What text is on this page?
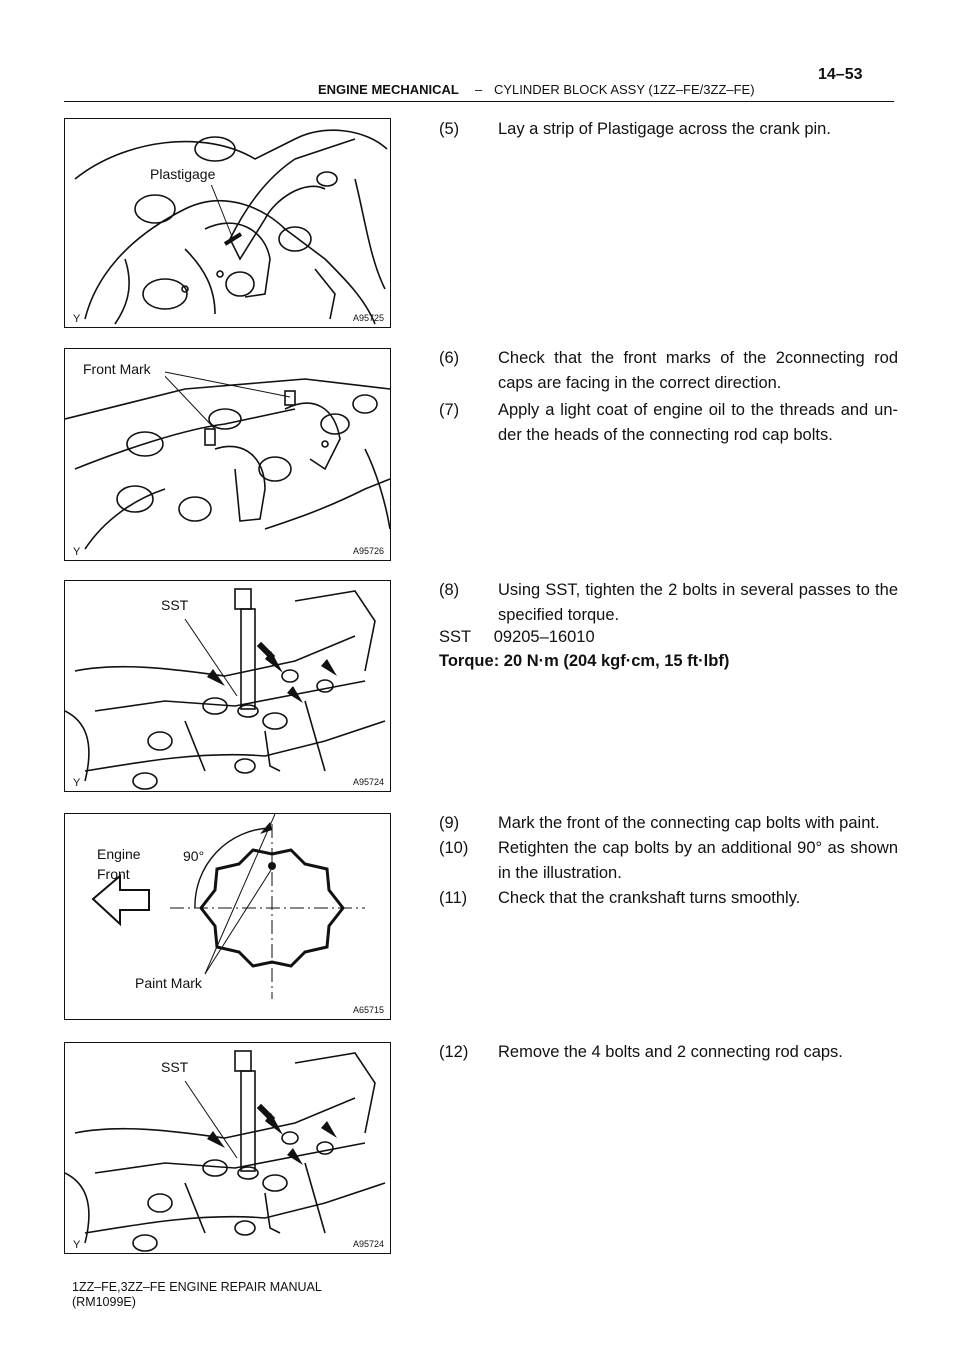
14–53
ENGINE MECHANICAL – CYLINDER BLOCK ASSY (1ZZ–FE/3ZZ–FE)
Plastigage
Y	A95725
Front Mark
Y	A95726
SST
Y	A95724
Engine
Front
90°
Paint Mark
A65715
SST
Y	A95724
(5) Lay a strip of Plastigage across the crank pin.
(6) Check that the front marks of the 2connecting rod caps are facing in the correct direction.
(7) Apply a light coat of engine oil to the threads and un- der the heads of the connecting rod cap bolts.
(8) Using SST, tighten the 2 bolts in several passes to the specified torque.
SST     09205–16010
Torque: 20 N·m (204 kgf·cm, 15 ft·lbf)
(9) Mark the front of the connecting cap bolts with paint.
(10) Retighten the cap bolts by an additional 90° as shown in the illustration.
(11) Check that the crankshaft turns smoothly.
(12) Remove the 4 bolts and 2 connecting rod caps.
1ZZ–FE,3ZZ–FE ENGINE REPAIR MANUAL
(RM1099E)
